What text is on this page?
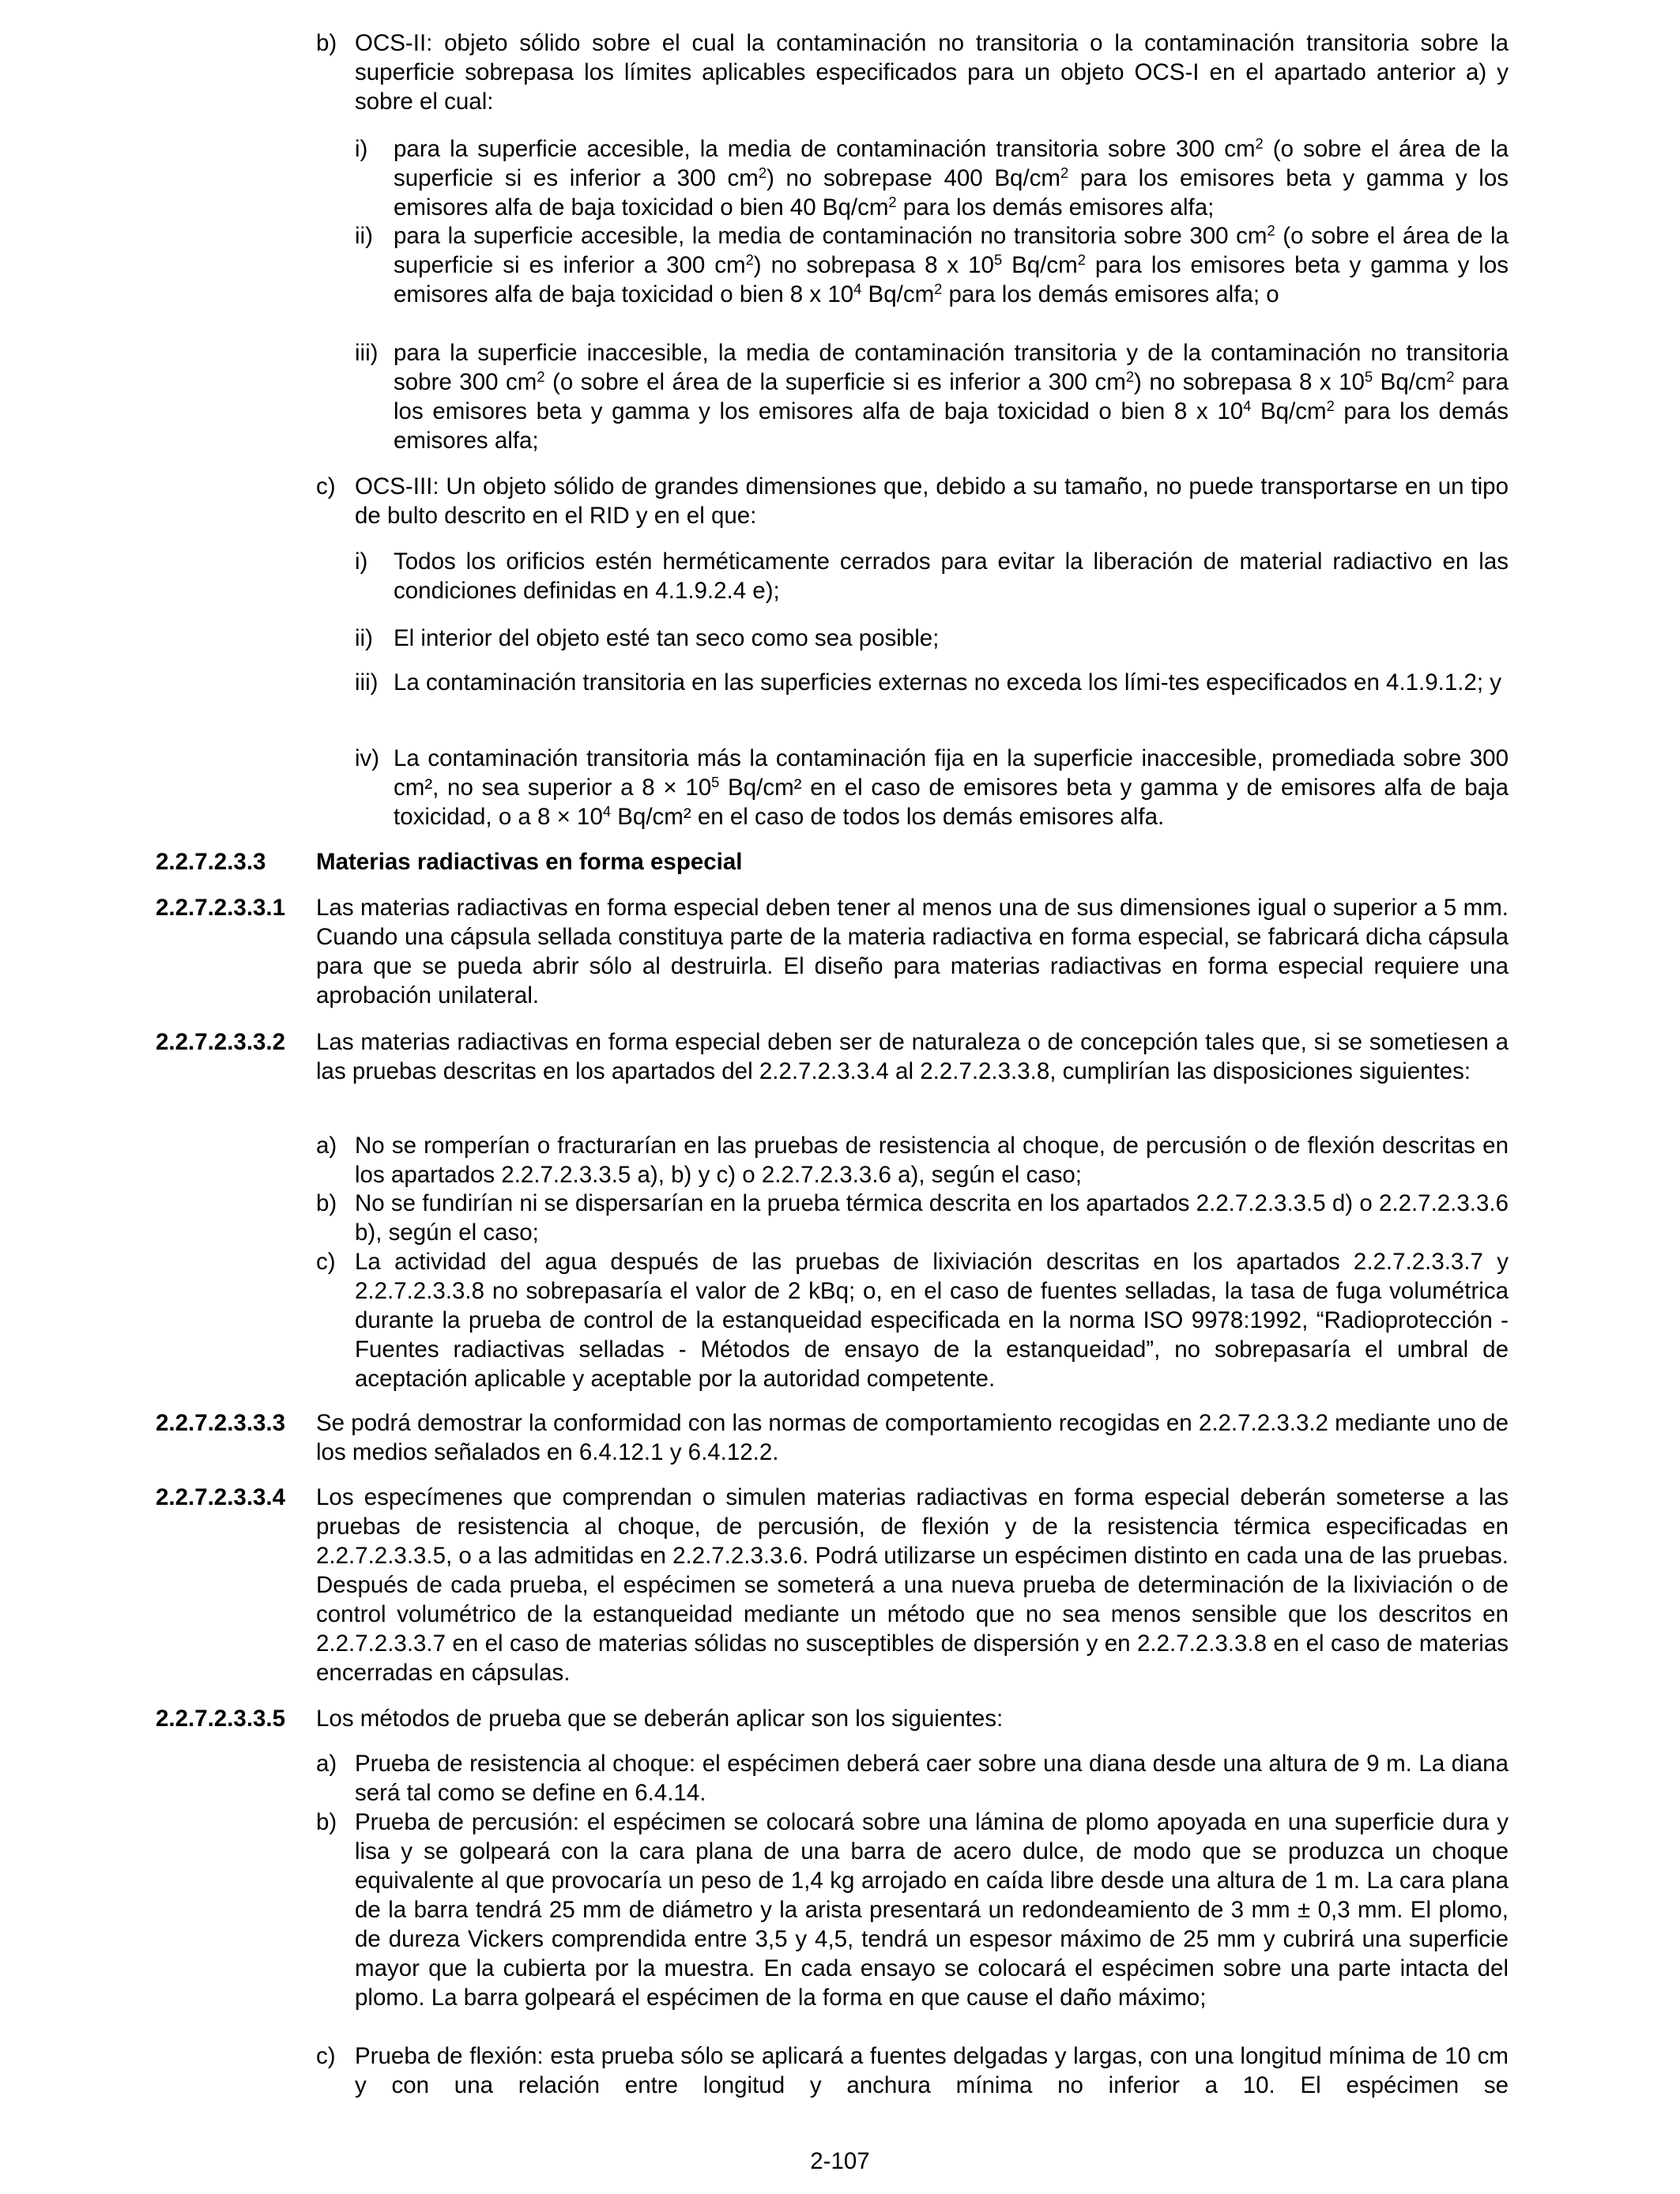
b) OCS-II: objeto sólido sobre el cual la contaminación no transitoria o la contaminación transitoria sobre la superficie sobrepasa los límites aplicables especificados para un objeto OCS-I en el apartado anterior a) y sobre el cual:
i) para la superficie accesible, la media de contaminación transitoria sobre 300 $cm^2$ (o sobre el área de la superficie si es inferior a 300 $cm^2$) no sobrepase 400 $Bq/cm^2$ para los emisores beta y gamma y los emisores alfa de baja toxicidad o bien 40 $Bq/cm^2$ para los demás emisores alfa;
ii) para la superficie accesible, la media de contaminación no transitoria sobre 300 $cm^2$ (o sobre el área de la superficie si es inferior a 300 $cm^2$) no sobrepasa 8 x $10^5$ $Bq/cm^2$ para los emisores beta y gamma y los emisores alfa de baja toxicidad o bien 8 x $10^4$ $Bq/cm^2$ para los demás emisores alfa; o
iii) para la superficie inaccesible, la media de contaminación transitoria y de la contaminación no transitoria sobre 300 $cm^2$ (o sobre el área de la superficie si es inferior a 300 $cm^2$) no sobrepasa 8 x $10^5$ $Bq/cm^2$ para los emisores beta y gamma y los emisores alfa de baja toxicidad o bien 8 x $10^4$ $Bq/cm^2$ para los demás emisores alfa;
c) OCS-III: Un objeto sólido de grandes dimensiones que, debido a su tamaño, no puede transportarse en un tipo de bulto descrito en el RID y en el que:
i) Todos los orificios estén herméticamente cerrados para evitar la liberación de material radiactivo en las condiciones definidas en 4.1.9.2.4 e);
ii) El interior del objeto esté tan seco como sea posible;
iii) La contaminación transitoria en las superficies externas no exceda los lími-tes especificados en 4.1.9.1.2; y
iv) La contaminación transitoria más la contaminación fija en la superficie inaccesible, promediada sobre 300 cm², no sea superior a $8 \times 10^5$ Bq/cm² en el caso de emisores beta y gamma y de emisores alfa de baja toxicidad, o a $8 \times 10^4$ Bq/cm² en el caso de todos los demás emisores alfa.
2.2.7.2.3.3 Materias radiactivas en forma especial
2.2.7.2.3.3.1 Las materias radiactivas en forma especial deben tener al menos una de sus dimensiones igual o superior a 5 mm. Cuando una cápsula sellada constituya parte de la materia radiactiva en forma especial, se fabricará dicha cápsula para que se pueda abrir sólo al destruirla. El diseño para materias radiactivas en forma especial requiere una aprobación unilateral.
2.2.7.2.3.3.2 Las materias radiactivas en forma especial deben ser de naturaleza o de concepción tales que, si se sometiesen a las pruebas descritas en los apartados del 2.2.7.2.3.3.4 al 2.2.7.2.3.3.8, cumplirían las disposiciones siguientes:
a) No se romperían o fracturarían en las pruebas de resistencia al choque, de percusión o de flexión descritas en los apartados 2.2.7.2.3.3.5 a), b) y c) o 2.2.7.2.3.3.6 a), según el caso;
b) No se fundirían ni se dispersarían en la prueba térmica descrita en los apartados 2.2.7.2.3.3.5 d) o 2.2.7.2.3.3.6 b), según el caso;
c) La actividad del agua después de las pruebas de lixiviación descritas en los apartados 2.2.7.2.3.3.7 y 2.2.7.2.3.3.8 no sobrepasaría el valor de 2 kBq; o, en el caso de fuentes selladas, la tasa de fuga volumétrica durante la prueba de control de la estanqueidad especificada en la norma ISO 9978:1992, “Radioprotección - Fuentes radiactivas selladas - Métodos de ensayo de la estanqueidad”, no sobrepasaría el umbral de aceptación aplicable y aceptable por la autoridad competente.
2.2.7.2.3.3.3 Se podrá demostrar la conformidad con las normas de comportamiento recogidas en 2.2.7.2.3.3.2 mediante uno de los medios señalados en 6.4.12.1 y 6.4.12.2.
2.2.7.2.3.3.4 Los especímenes que comprendan o simulen materias radiactivas en forma especial deberán someterse a las pruebas de resistencia al choque, de percusión, de flexión y de la resistencia térmica especificadas en 2.2.7.2.3.3.5, o a las admitidas en 2.2.7.2.3.3.6. Podrá utilizarse un espécimen distinto en cada una de las pruebas. Después de cada prueba, el espécimen se someterá a una nueva prueba de determinación de la lixiviación o de control volumétrico de la estanqueidad mediante un método que no sea menos sensible que los descritos en 2.2.7.2.3.3.7 en el caso de materias sólidas no susceptibles de dispersión y en 2.2.7.2.3.3.8 en el caso de materias encerradas en cápsulas.
2.2.7.2.3.3.5 Los métodos de prueba que se deberán aplicar son los siguientes:
a) Prueba de resistencia al choque: el espécimen deberá caer sobre una diana desde una altura de 9 m. La diana será tal como se define en 6.4.14.
b) Prueba de percusión: el espécimen se colocará sobre una lámina de plomo apoyada en una superficie dura y lisa y se golpeará con la cara plana de una barra de acero dulce, de modo que se produzca un choque equivalente al que provocaría un peso de 1,4 kg arrojado en caída libre desde una altura de 1 m. La cara plana de la barra tendrá 25 mm de diámetro y la arista presentará un redondeamiento de 3 mm ± 0,3 mm. El plomo, de dureza Vickers comprendida entre 3,5 y 4,5, tendrá un espesor máximo de 25 mm y cubrirá una superficie mayor que la cubierta por la muestra. En cada ensayo se colocará el espécimen sobre una parte intacta del plomo. La barra golpeará el espécimen de la forma en que cause el daño máximo;
c) Prueba de flexión: esta prueba sólo se aplicará a fuentes delgadas y largas, con una longitud mínima de 10 cm y con una relación entre longitud y anchura mínima no inferior a 10. El espécimen se
2-107
